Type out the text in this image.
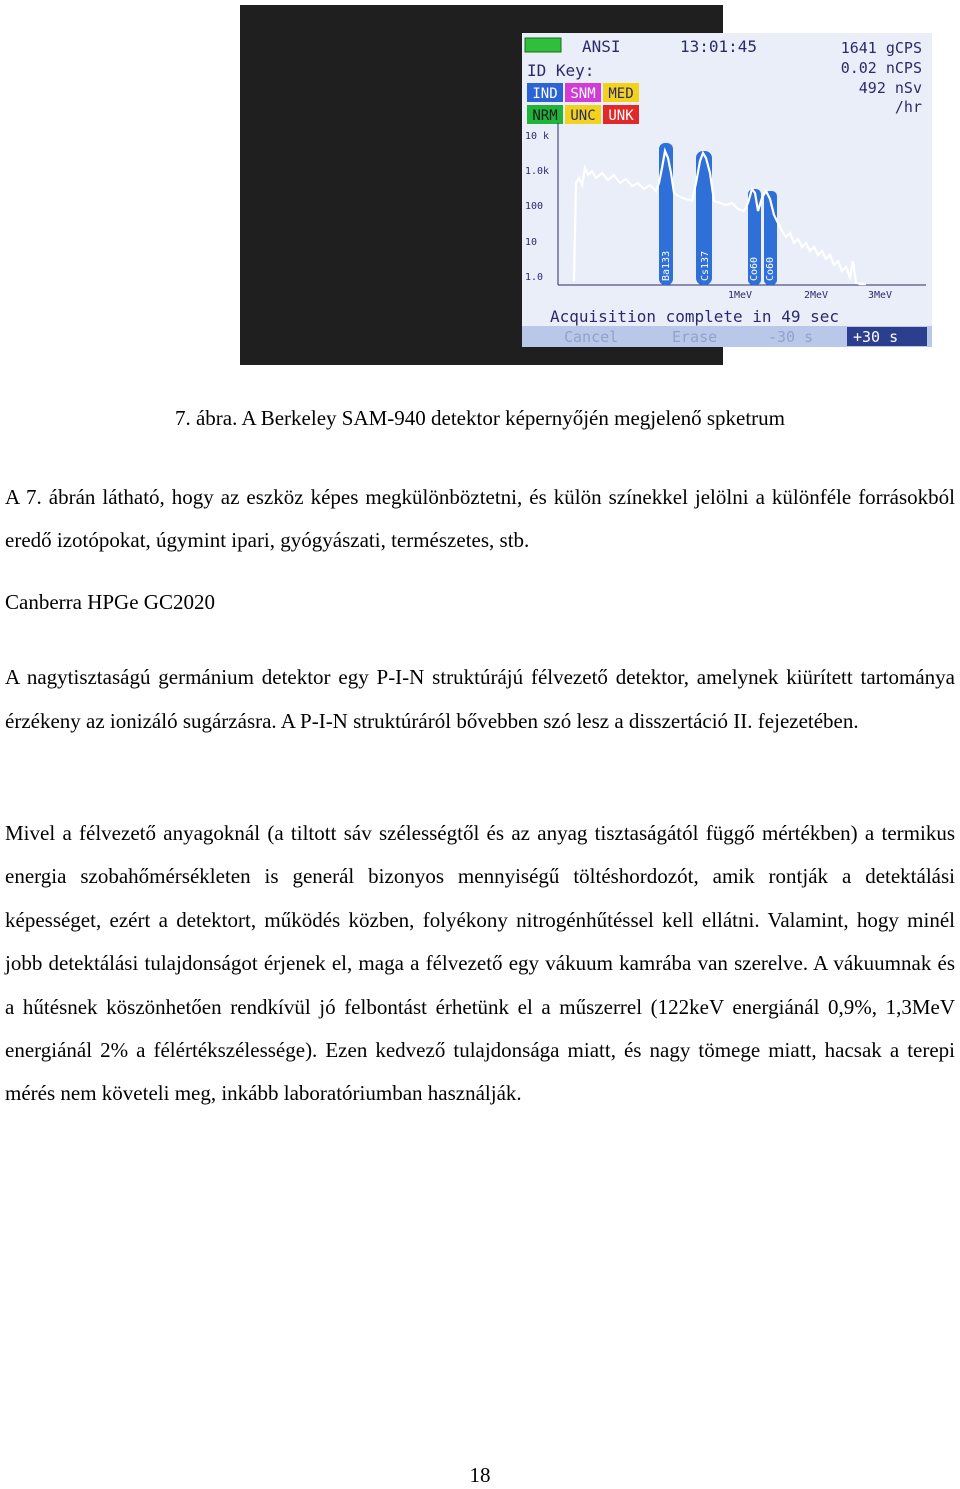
ANSI	13:01:45	1641 gCPS
0.02 nCPS
492 nSv
/hr
ID Key:
IND SNM MED
NRM UNC UNK
10 k
1.0k
100
10
1.0	Ba133	Cs137	Co60 Co60
1MeV	2MeV	3MeV
Acquisition complete in 49 sec
Cancel	Erase	-30 s	+30 s
7. ábra. A Berkeley SAM-940 detektor képernyőjén megjelenő spketrum

A 7. ábrán látható, hogy az eszköz képes megkülönböztetni, és külön színekkel jelölni a különféle forrásokból eredő izotópokat, úgymint ipari, gyógyászati, természetes, stb.

Canberra HPGe GC2020

A nagytisztaságú germánium detektor egy P-I-N struktúrájú félvezető detektor, amelynek kiürített tartománya érzékeny az ionizáló sugárzásra. A P-I-N struktúráról bővebben szó lesz a disszertáció II. fejezetében.

Mivel a félvezető anyagoknál (a tiltott sáv szélességtől és az anyag tisztaságától függő mértékben) a termikus energia szobahőmérsékleten is generál bizonyos mennyiségű töltéshordozót, amik rontják a detektálási képességet, ezért a detektort, működés közben, folyékony nitrogénhűtéssel kell ellátni. Valamint, hogy minél jobb detektálási tulajdonságot érjenek el, maga a félvezető egy vákuum kamrába van szerelve. A vákuumnak és a hűtésnek köszönhetően rendkívül jó felbontást érhetünk el a műszerrel (122keV energiánál 0,9%, 1,3MeV energiánál 2% a félértékszélessége). Ezen kedvező tulajdonsága miatt, és nagy tömege miatt, hacsak a terepi mérés nem követeli meg, inkább laboratóriumban használják.

18
